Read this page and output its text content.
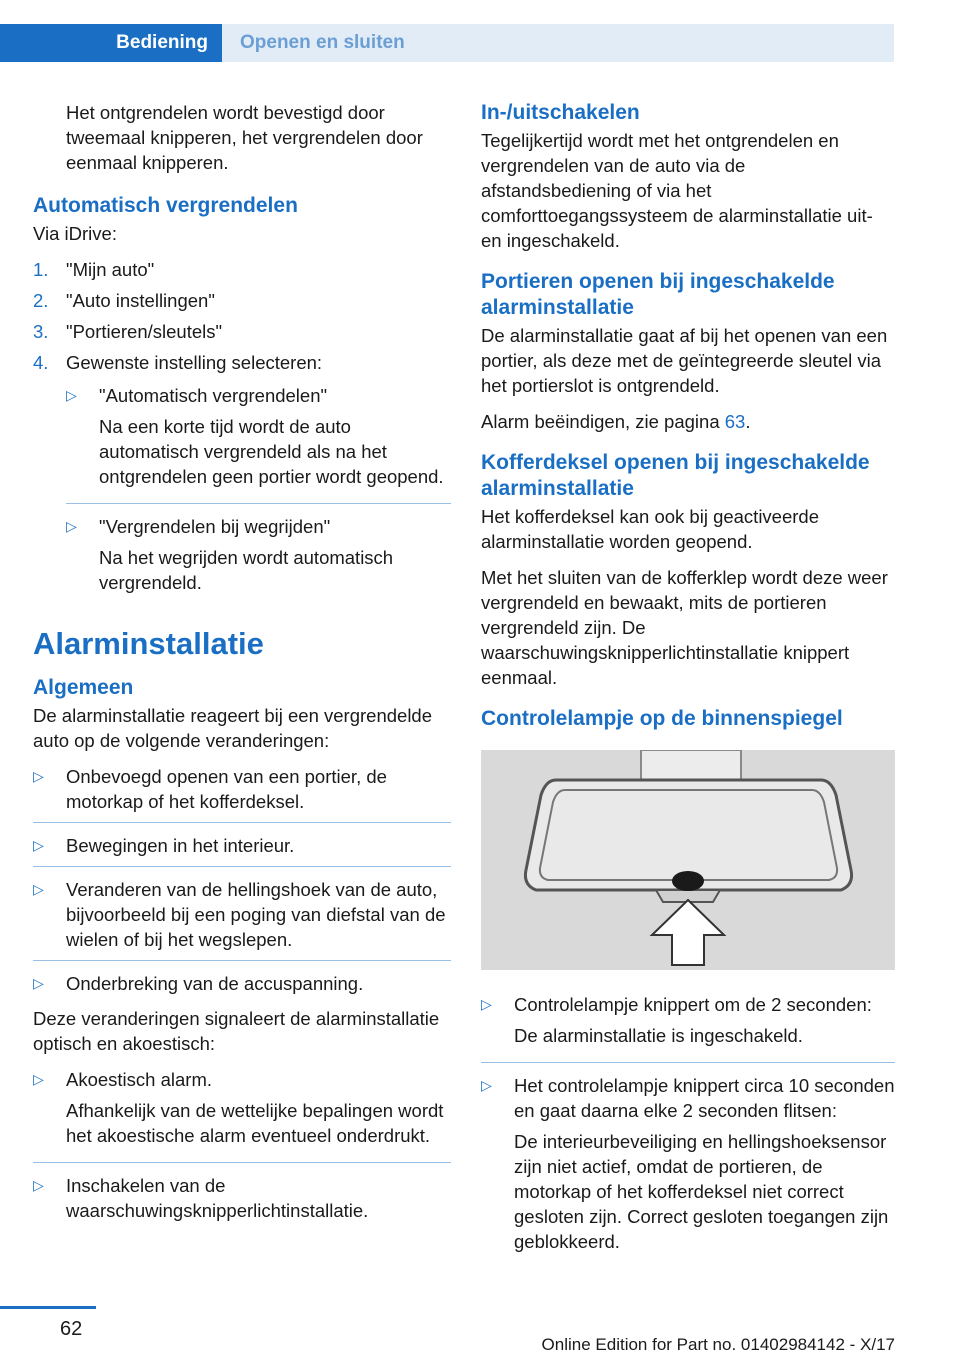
Bediening	Openen en sluiten

Het ontgrendelen wordt bevestigd door tweemaal knipperen, het vergrendelen door eenmaal knipperen.

Automatisch vergrendelen

Via iDrive:

1. "Mijn auto"
2. "Auto instellingen"
3. "Portieren/sleutels"
4. Gewenste instelling selecteren:
▷	"Automatisch vergrendelen"

Na een korte tijd wordt de auto automatisch vergrendeld als na het ontgrendelen geen portier wordt geopend.

▷	"Vergrendelen bij wegrijden"

Na het wegrijden wordt automatisch vergrendeld.

Alarminstallatie
Algemeen

De alarminstallatie reageert bij een vergrendelde auto op de volgende veranderingen:

▷	Onbevoegd openen van een portier, de motorkap of het kofferdeksel.
▷	Bewegingen in het interieur.
▷	Veranderen van de hellingshoek van de auto, bijvoorbeeld bij een poging van diefstal van de wielen of bij het wegslepen.
▷	Onderbreking van de accuspanning.

Deze veranderingen signaleert de alarminstallatie optisch en akoestisch:

▷	Akoestisch alarm.

Afhankelijk van de wettelijke bepalingen wordt het akoestische alarm eventueel onderdrukt.

▷	Inschakelen van de waarschuwingsknipperlichtinstallatie.

In-/uitschakelen

Tegelijkertijd wordt met het ontgrendelen en vergrendelen van de auto via de afstandsbediening of via het comforttoegangssysteem de alarminstallatie uit- en ingeschakeld.

Portieren openen bij ingeschakelde alarminstallatie

De alarminstallatie gaat af bij het openen van een portier, als deze met de geïntegreerde sleutel via het portierslot is ontgrendeld.

Alarm beëindigen, zie pagina 63.

Kofferdeksel openen bij ingeschakelde alarminstallatie

Het kofferdeksel kan ook bij geactiveerde alarminstallatie worden geopend.

Met het sluiten van de kofferklep wordt deze weer vergrendeld en bewaakt, mits de portieren vergrendeld zijn. De waarschuwingsknipperlichtinstallatie knippert eenmaal.

Controlelampje op de binnenspiegel
▷	Controlelampje knippert om de 2 seconden:

De alarminstallatie is ingeschakeld.

▷	Het controlelampje knippert circa 10 seconden en gaat daarna elke 2 seconden flitsen:

De interieurbeveiliging en hellingshoeksensor zijn niet actief, omdat de portieren, de motorkap of het kofferdeksel niet correct gesloten zijn. Correct gesloten toegangen zijn geblokkeerd.

62
Online Edition for Part no. 01402984142 - X/17
